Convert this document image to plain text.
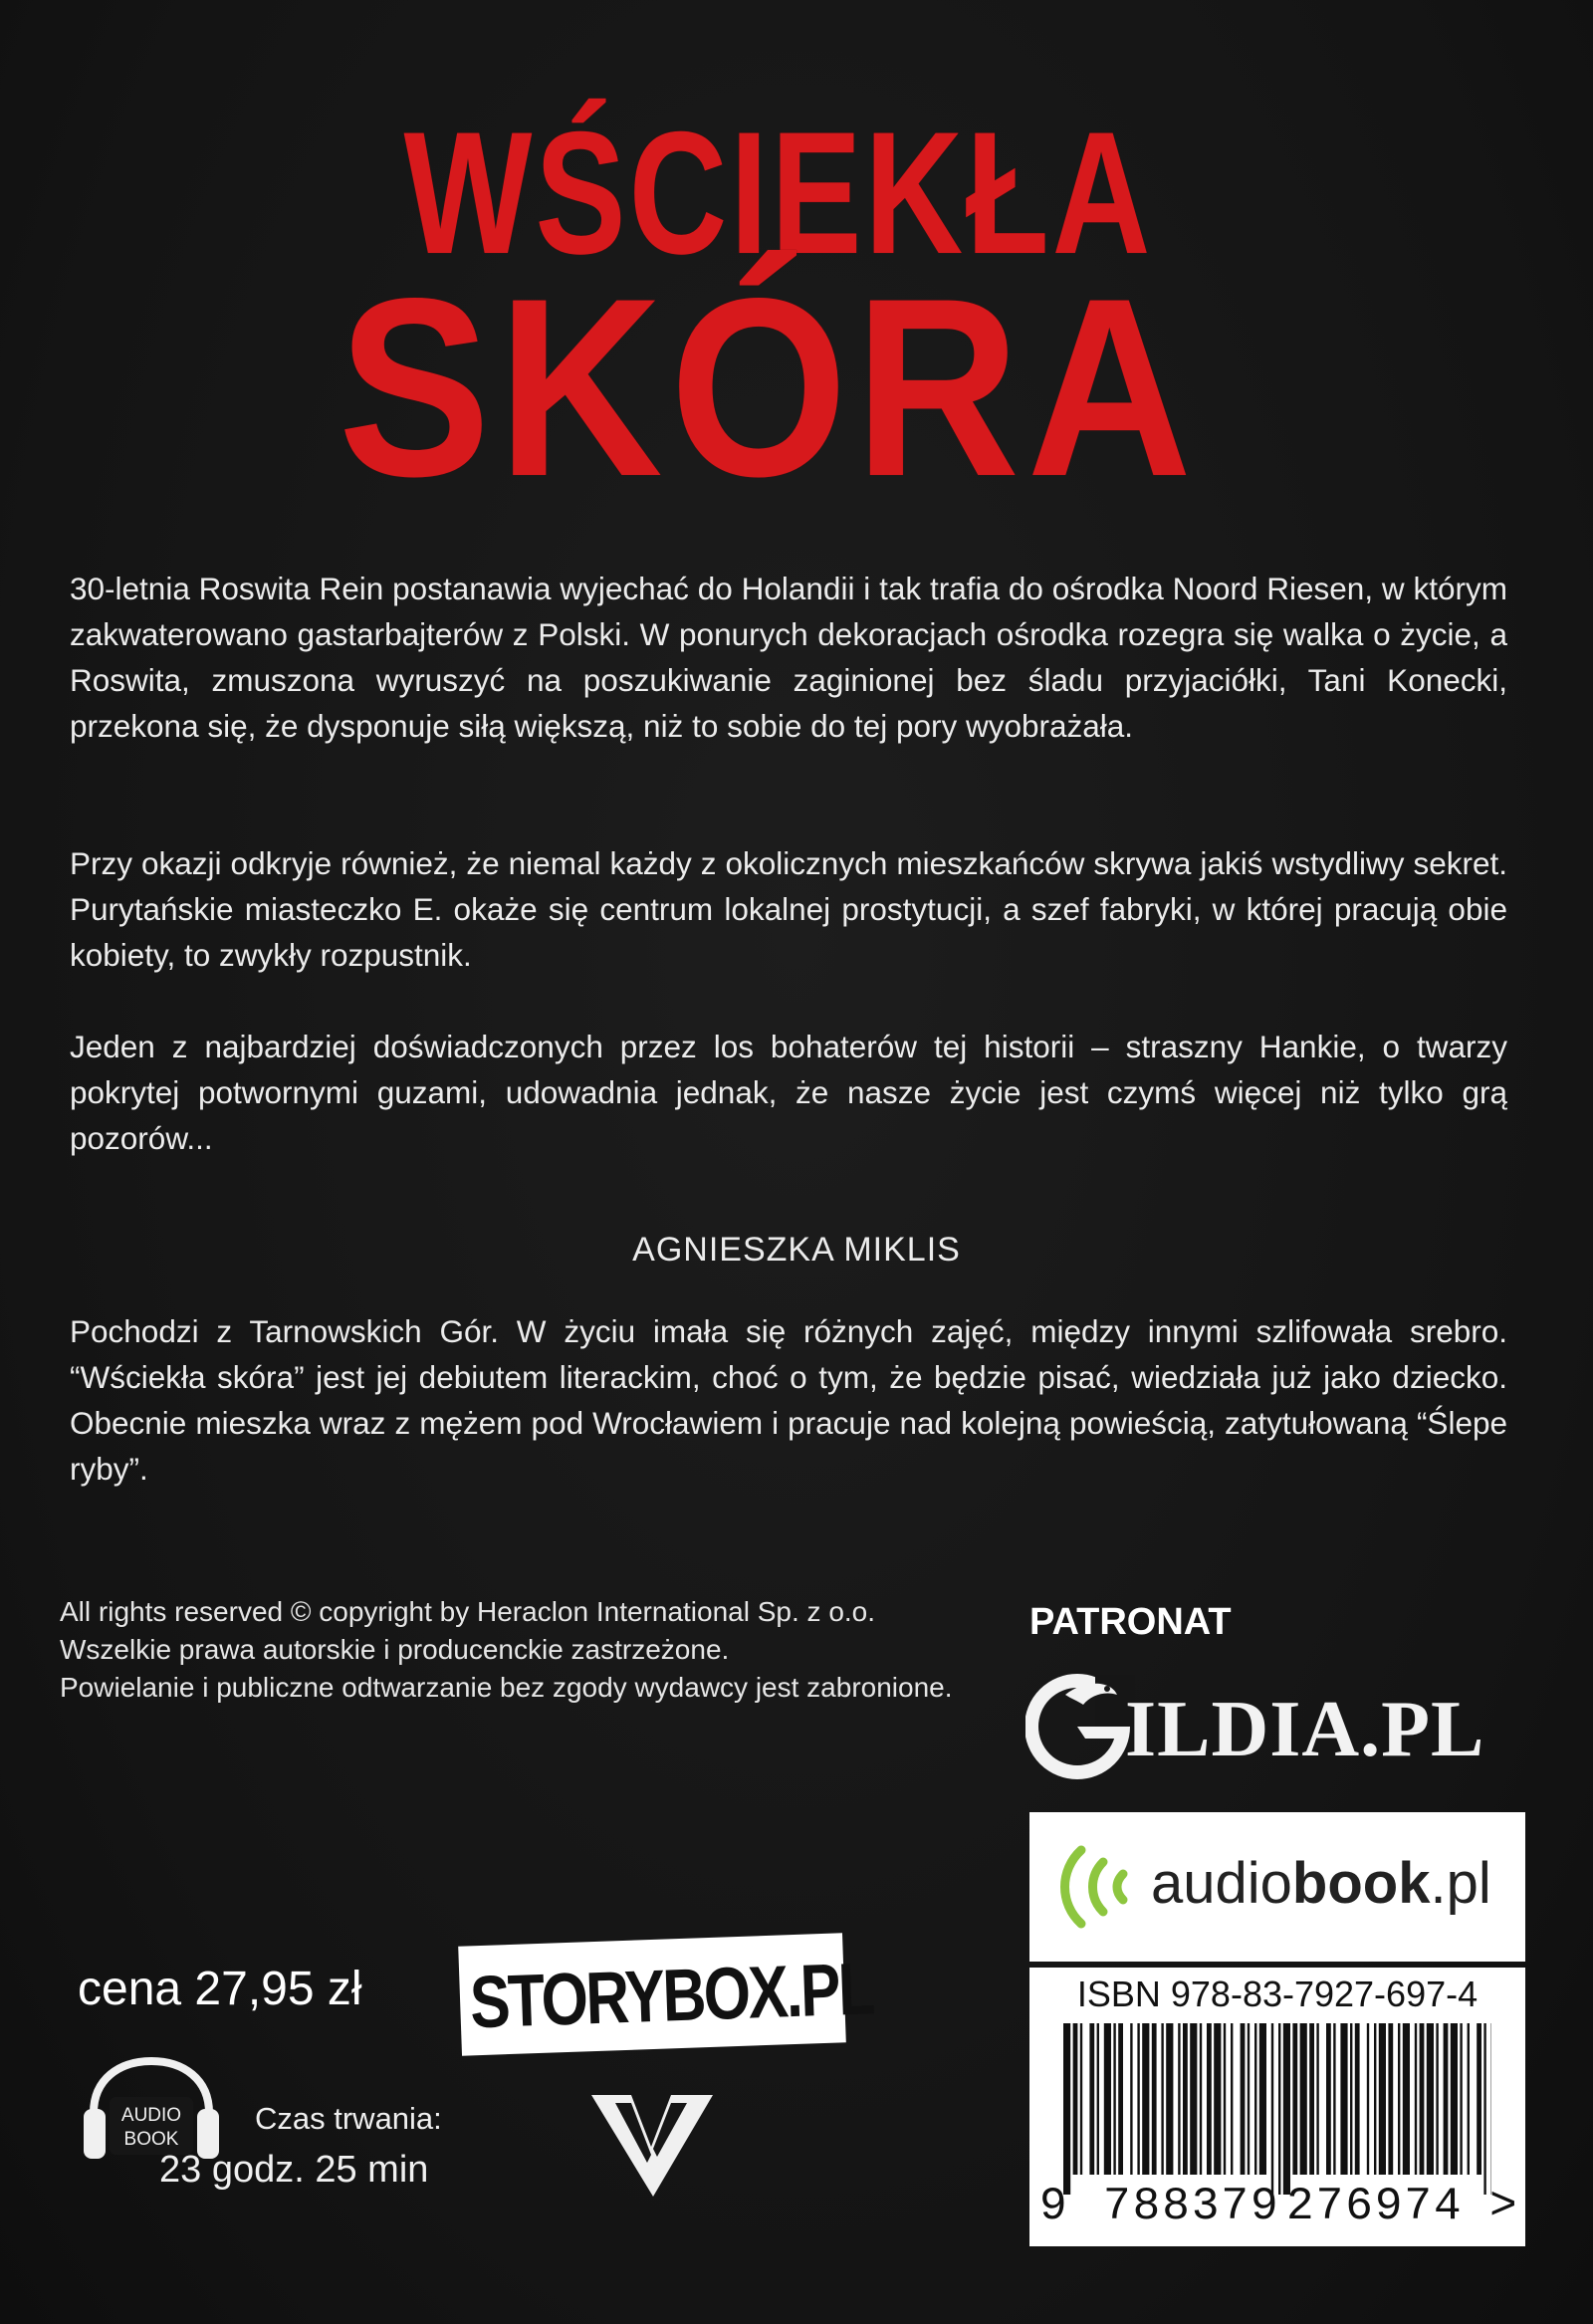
WŚCIEKŁA
SKÓRA

30-letnia Roswita Rein postanawia wyjechać do Holandii i tak trafia do ośrodka Noord Riesen, w którym zakwaterowano gastarbajterów z Polski. W ponurych dekoracjach ośrodka rozegra się walka o życie, a Roswita, zmuszona wyruszyć na poszukiwanie zaginionej bez śladu przyjaciółki, Tani Konecki, przekona się, że dysponuje siłą większą, niż to sobie do tej pory wyobrażała.

Przy okazji odkryje również, że niemal każdy z okolicznych mieszkańców skrywa jakiś wstydliwy sekret. Purytańskie miasteczko E. okaże się centrum lokalnej prostytucji, a szef fabryki, w której pracują obie kobiety, to zwykły rozpustnik.

Jeden z najbardziej doświadczonych przez los bohaterów tej historii – straszny Hankie, o twarzy pokrytej potwornymi guzami, udowadnia jednak, że nasze życie jest czymś więcej niż tylko grą pozorów...

AGNIESZKA MIKLIS

Pochodzi z Tarnowskich Gór. W życiu imała się różnych zajęć, między innymi szlifowała srebro. “Wściekła skóra” jest jej debiutem literackim, choć o tym, że będzie pisać, wiedziała już jako dziecko. Obecnie mieszka wraz z mężem pod Wrocławiem i pracuje nad kolejną powieścią, zatytułowaną “Ślepe ryby”.

All rights reserved © copyright by Heraclon International Sp. z o.o.
Wszelkie prawa autorskie i producenckie zastrzeżone.
Powielanie i publiczne odtwarzanie bez zgody wydawcy jest zabronione.
PATRONAT
ILDIA.PL
audiobook.pl
ISBN 978-83-7927-697-4
9 788379 276974 >
cena 27,95 zł STORYBOX.PL
AUDIO
BOOK
Czas trwania:
23 godz. 25 min
